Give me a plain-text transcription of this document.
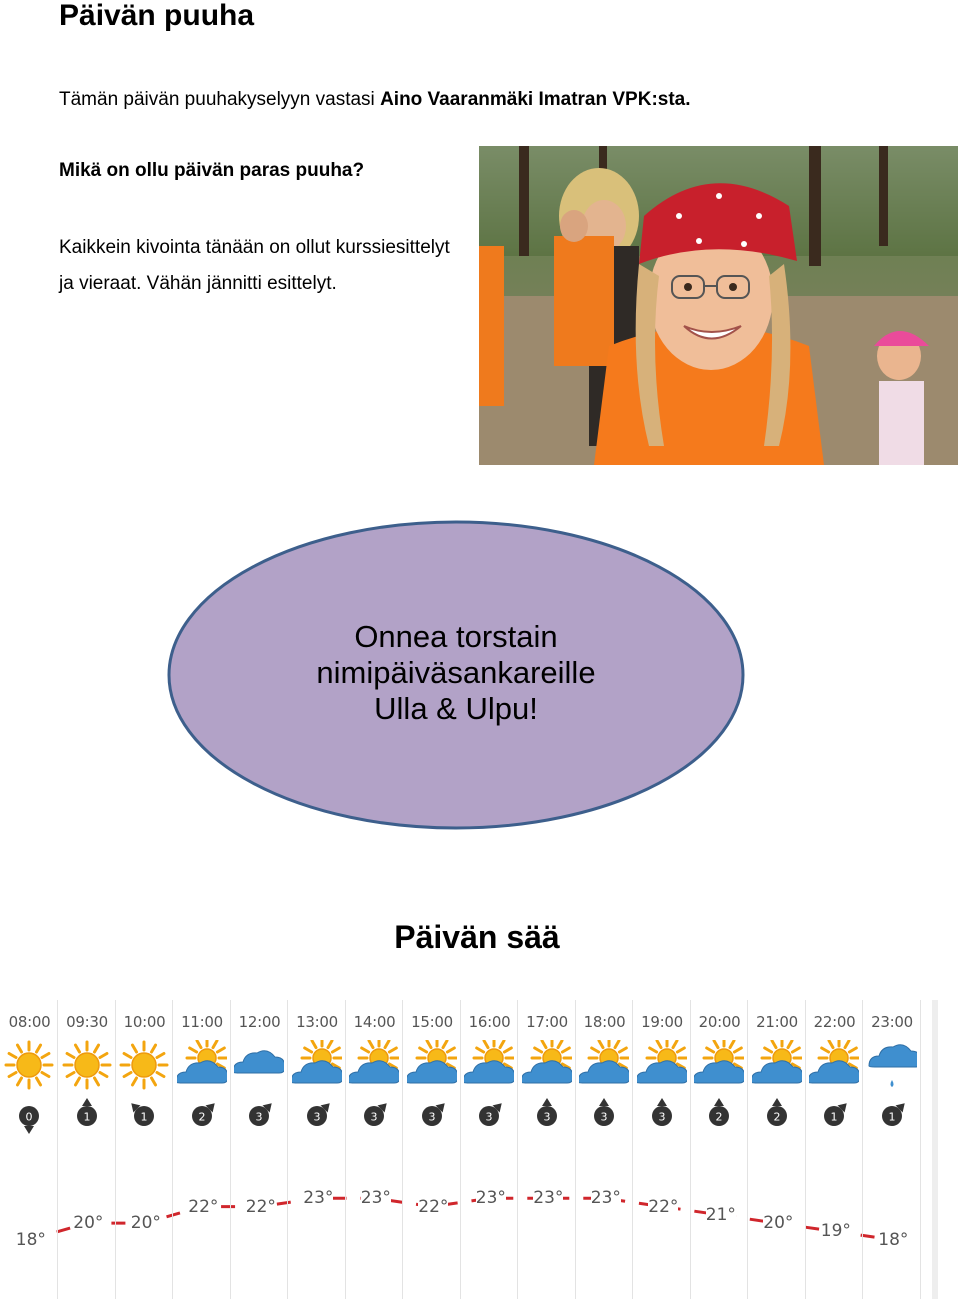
Päivän puuha

Tämän päivän puuhakyselyyn vastasi Aino Vaaranmäki Imatran VPK:sta.

Mikä on ollu päivän paras puuha?

Kaikkein kivointa tänään on ollut kurssiesittelyt ja vieraat. Vähän jännitti esittelyt.

Onnea torstain
nimipäiväsankareille
Ulla & Ulpu!
Päivän sää
08:00
0
18°
09:30
1
20°
10:00
1
20°
11:00
2
22°
12:00
3
22°
13:00
3
23°
14:00
3
23°
15:00
3
22°
16:00
3
23°
17:00
3
23°
18:00
3
23°
19:00
3
22°
20:00
2
21°
21:00
2
20°
22:00
1
19°
23:00
1
18°
